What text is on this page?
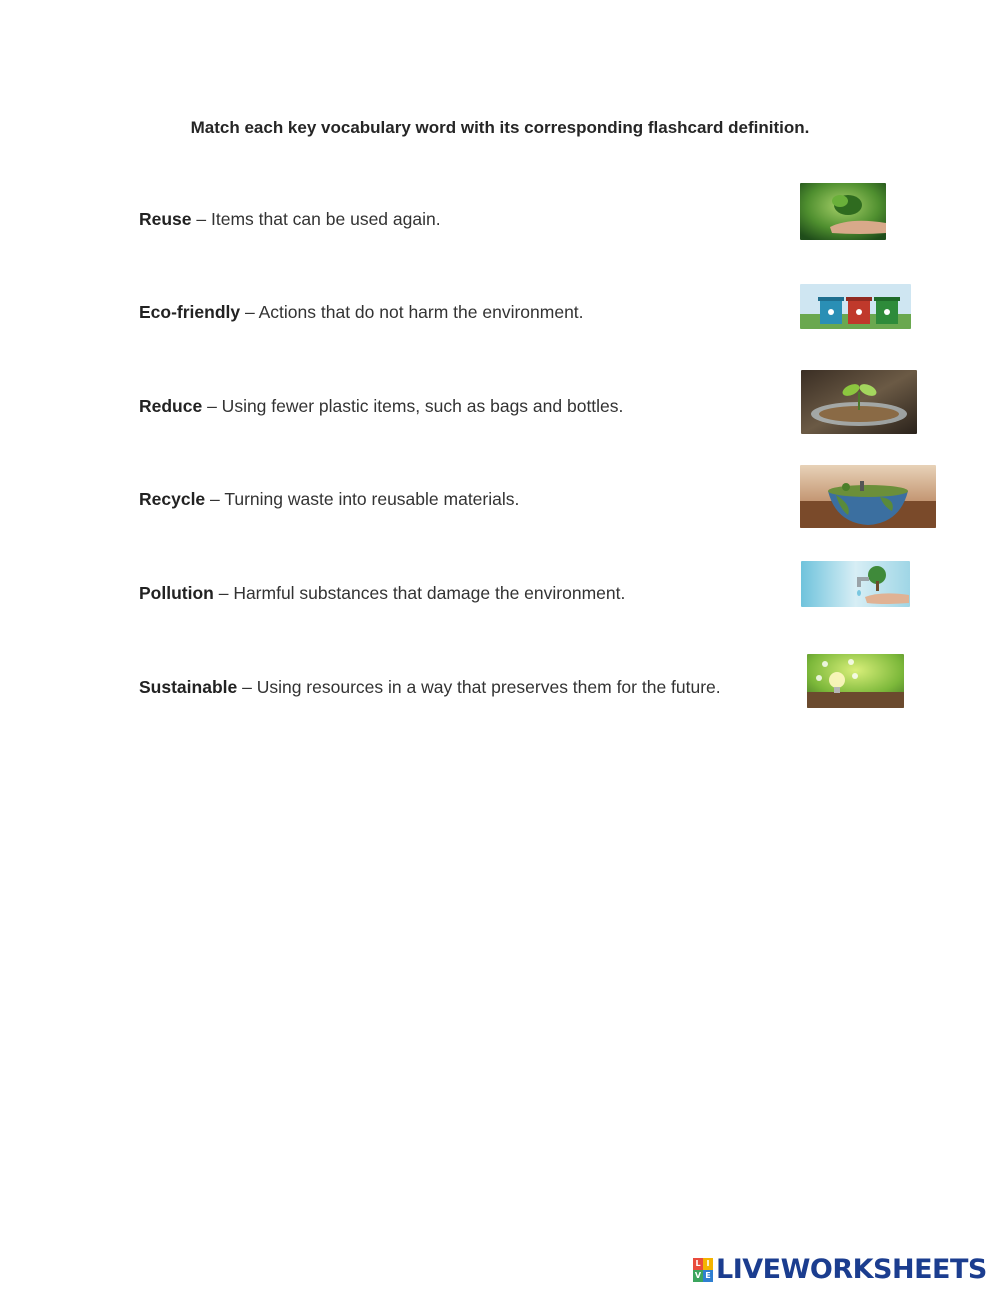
Match each key vocabulary word with its corresponding flashcard definition.
Reuse – Items that can be used again.
Eco-friendly – Actions that do not harm the environment.
Reduce – Using fewer plastic items, such as bags and bottles.
Recycle – Turning waste into reusable materials.
Pollution – Harmful substances that damage the environment.
Sustainable – Using resources in a way that preserves them for the future.
L I
V E LIVEWORKSHEETS
